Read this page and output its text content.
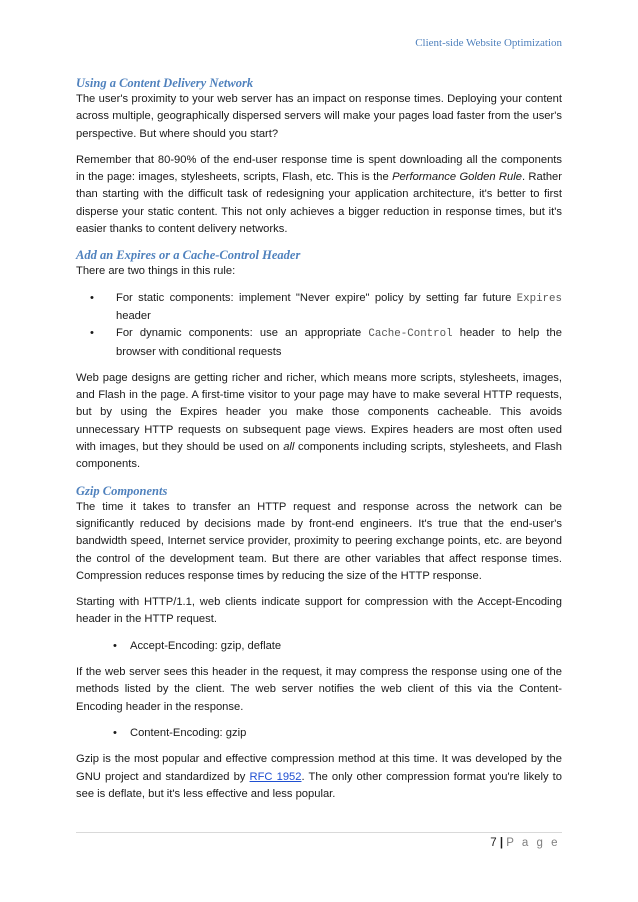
Client-side Website Optimization
Using a Content Delivery Network

The user's proximity to your web server has an impact on response times. Deploying your content across multiple, geographically dispersed servers will make your pages load faster from the user's perspective. But where should you start?

Remember that 80-90% of the end-user response time is spent downloading all the components in the page: images, stylesheets, scripts, Flash, etc. This is the Performance Golden Rule. Rather than starting with the difficult task of redesigning your application architecture, it's better to first disperse your static content. This not only achieves a bigger reduction in response times, but it's easier thanks to content delivery networks.

Add an Expires or a Cache-Control Header

There are two things in this rule:

• For static components: implement "Never expire" policy by setting far future Expires header
• For dynamic components: use an appropriate Cache-Control header to help the browser with conditional requests

Web page designs are getting richer and richer, which means more scripts, stylesheets, images, and Flash in the page. A first-time visitor to your page may have to make several HTTP requests, but by using the Expires header you make those components cacheable. This avoids unnecessary HTTP requests on subsequent page views. Expires headers are most often used with images, but they should be used on all components including scripts, stylesheets, and Flash components.

Gzip Components

The time it takes to transfer an HTTP request and response across the network can be significantly reduced by decisions made by front-end engineers. It's true that the end-user's bandwidth speed, Internet service provider, proximity to peering exchange points, etc. are beyond the control of the development team. But there are other variables that affect response times. Compression reduces response times by reducing the size of the HTTP response.

Starting with HTTP/1.1, web clients indicate support for compression with the Accept-Encoding header in the HTTP request.

• Accept-Encoding: gzip, deflate

If the web server sees this header in the request, it may compress the response using one of the methods listed by the client. The web server notifies the web client of this via the Content-Encoding header in the response.

• Content-Encoding: gzip

Gzip is the most popular and effective compression method at this time. It was developed by the GNU project and standardized by RFC 1952. The only other compression format you're likely to see is deflate, but it's less effective and less popular.

7 | P a g e
